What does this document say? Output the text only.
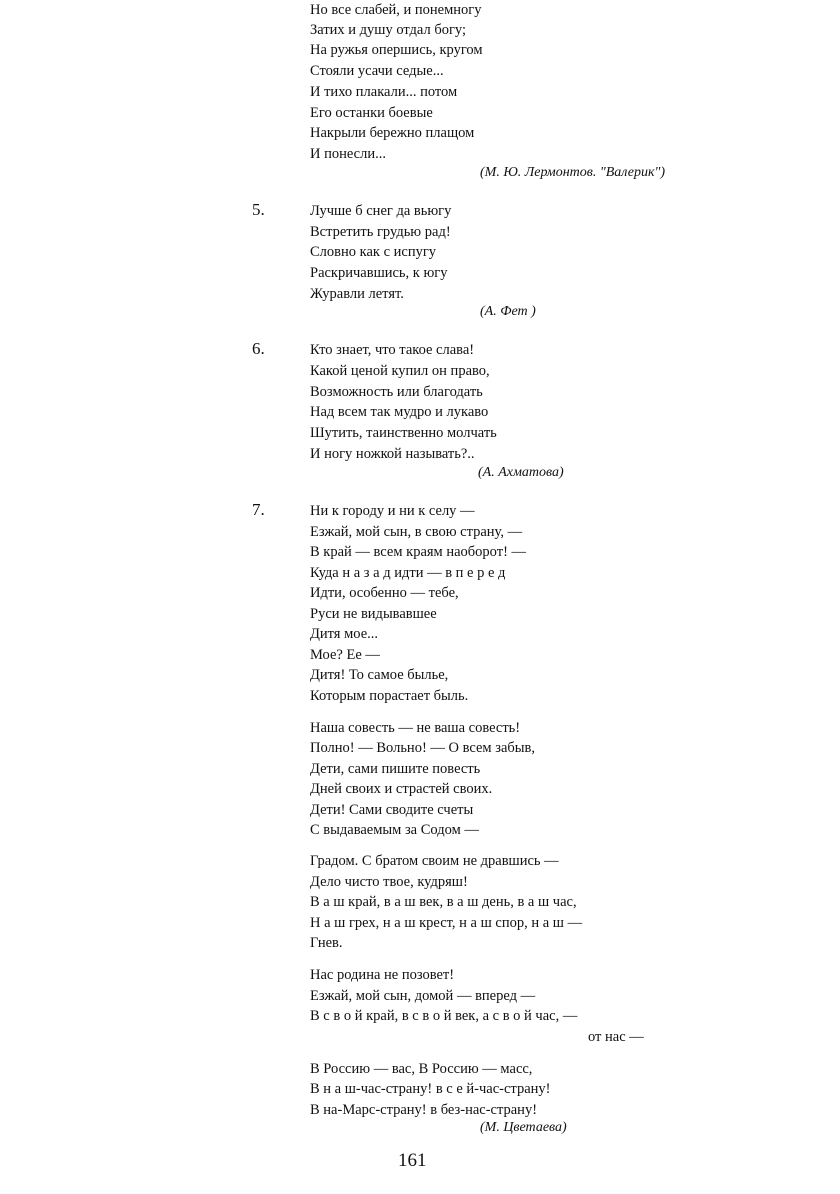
Но все слабей, и понемногу
Затих и душу отдал богу;
На ружья опершись, кругом
Стояли усачи седые...
И тихо плакали... потом
Его останки боевые
Накрыли бережно плащом
И понесли...
(М. Ю. Лермонтов. "Валерик")
5.	Лучше б снег да вьюгу
Встретить грудью рад!
Словно как с испугу
Раскричавшись, к югу
Журавли летят.
(А. Фет )
6.	Кто знает, что такое слава!
Какой ценой купил он право,
Возможность или благодать
Над всем так мудро и лукаво
Шутить, таинственно молчать
И ногу ножкой называть?..
(А. Ахматова)
7.	Ни к городу и ни к селу —
Езжай, мой сын, в свою страну, —
В край — всем краям наоборот! —
Куда н а з а д идти — в п е р е д
Идти, особенно — тебе,
Руси не видывавшее
Дитя мое...
Мое? Ее —
Дитя! То самое былье,
Которым порастает быль.
Наша совесть — не ваша совесть!
Полно! — Вольно! — О всем забыв,
Дети, сами пишите повесть
Дней своих и страстей своих.
Дети! Сами сводите счеты
С выдаваемым за Содом —
Градом. С братом своим не дравшись —
Дело чисто твое, кудряш!
В а ш край, в а ш век, в а ш день, в а ш час,
Н а ш грех, н а ш крест, н а ш спор, н а ш —
Гнев.
Нас родина не позовет!
Езжай, мой сын, домой — вперед —
В с в о й край, в с в о й век, а с в о й час, —
от нас —
В Россию — вас, В Россию — масс,
В н а ш-час-страну! в с е й-час-страну!
В на-Марс-страну! в без-нас-страну!
(М. Цветаева)
161
